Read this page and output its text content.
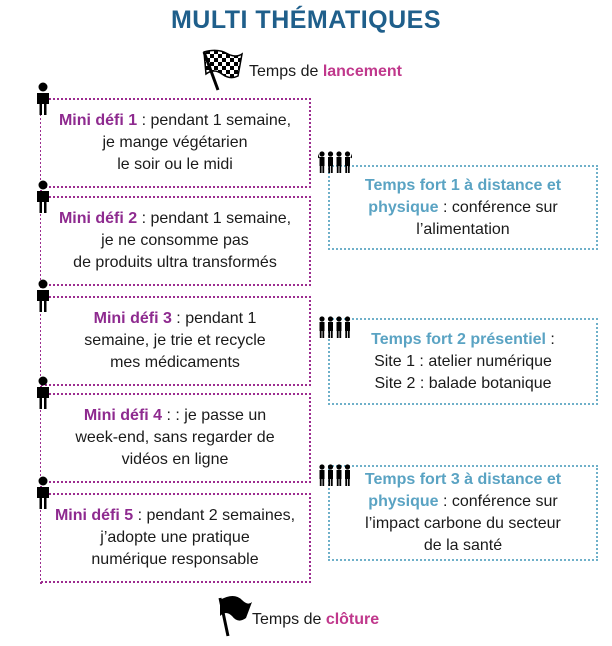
MULTI THÉMATIQUES
Temps de lancement
Mini défi 1 : pendant 1 semaine,
je mange végétarien
le soir ou le midi
Mini défi 2 : pendant 1 semaine,
je ne consomme pas
de produits ultra transformés
Mini défi 3 : pendant 1
semaine, je trie et recycle
mes médicaments
Mini défi 4 : : je passe un
week-end, sans regarder de
vidéos en ligne
Mini défi 5 : pendant 2 semaines,
j’adopte une pratique
numérique responsable
Temps fort 1 à distance et
physique : conférence sur
l’alimentation
Temps fort 2 présentiel :
Site 1 : atelier numérique
Site 2 : balade botanique
Temps fort 3 à distance et
physique : conférence sur
l’impact carbone du secteur
de la santé
Temps de clôture
